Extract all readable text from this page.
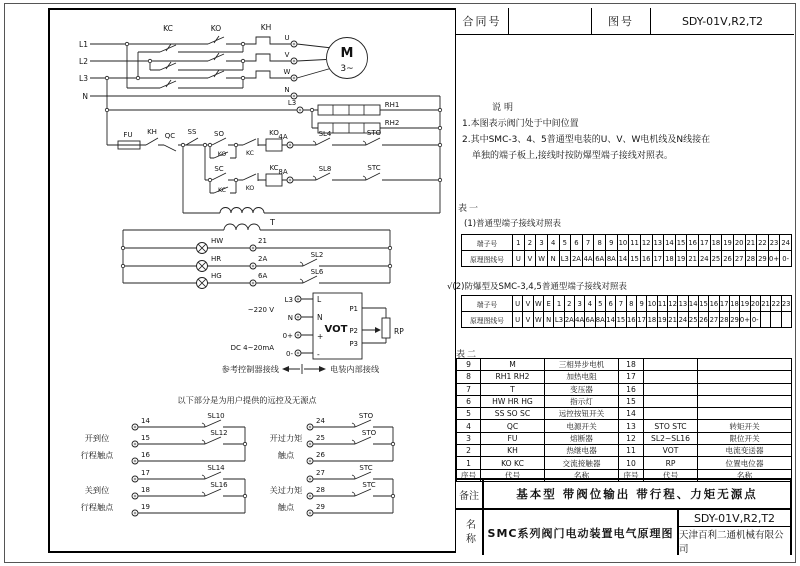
M
3~
KC	KO	KH
L1
L2
L3
N
U
V
W
N
RH1
RH2
L3
FU KH QC SS	SO
KO	KC
KO 4A	SL4	STO
SC
KC	KO
KC 8A	SL8	STC
T
HW
HR
HG
21
2A	SL2
6A	SL6
~220 V
L3
N
0+
DC 4~20mA
0-
L
N
+
-
VOT
P1
P2
P3
RP
参考控制器接线	电装内部接线
以下部分是为用户提供的远控及无源点
开到位
行程触点
关到位
行程触点
开过力矩
触点
关过力矩
触点
14
15
16
17
18
19
24
25
26
27
28
29
SL10
SL12
SL14
SL16
STO
STO
STC
STC
合同号	图号	SDY-01V,R2,T2
说明
1.本图表示阀门处于中间位置
2.其中SMC-3、4、5普通型电装的U、V、W电机线及N线接在
单独的端子板上,接线时按防爆型端子接线对照表。
表一
(1)普通型端子接线对照表
端子号	1	2	3	4	5	6	7	8	9 10 11 12 13 14 15 16 17 18 19 20 21 22 23 24
原理图线号	U	V W N L3 2A 4A 6A 8A 14 15 16 17 18 19 21 24 25 26 27 28 29 0+ 0-
√(2)防爆型及SMC-3,4,5普通型端子接线对照表
端子号	U V W E 1 2 3 4 5 6 7 8 9 10 11 12 13 14 15 16 17 18 19 20 21 22 23
原理图线号	U V W N L3 2A 4A 6A 8A 14 15 16 17 18 19 21 24 25 26 27 28 29 0+ 0-
表二
9	M	三相异步电机	18
8	RH1 RH2	加热电阻	17
7	T	变压器	16
6	HW HR HG	指示灯	15
5	SS SO SC	远控按钮开关	14
4	QC	电源开关	13	STO STC	转矩开关
3	FU	熔断器	12	SL2~SL16	限位开关
2	KH	热继电器	11	VOT	电流变送器
1	KO KC	交流接触器	10	RP	位置电位器
序号	代号	名称	序号	代号	名称
备注	基本型 带阀位输出 带行程、力矩无源点
名称	SMC系列阀门电动装置电气原理图
SDY-01V,R2,T2
天津百利二通机械有限公司
